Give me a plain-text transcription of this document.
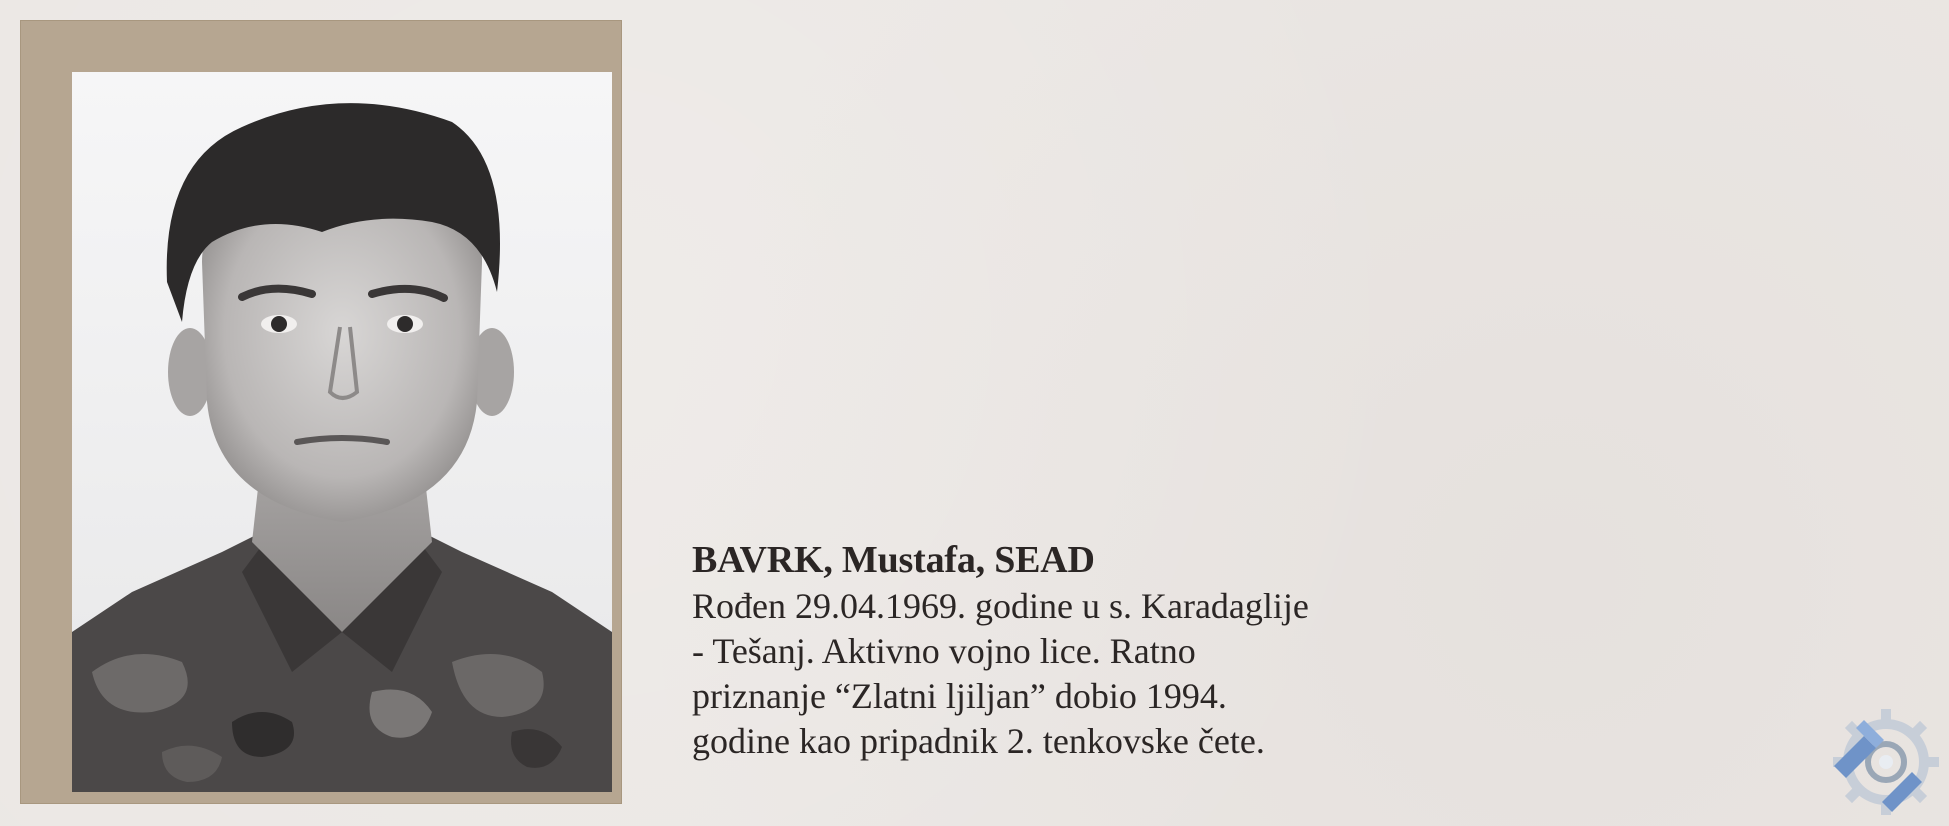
BAVRK, Mustafa, SEAD
Rođen 29.04.1969. godine u s. Karadaglije
- Tešanj. Aktivno vojno lice. Ratno
priznanje “Zlatni ljiljan” dobio 1994.
godine kao pripadnik 2. tenkovske čete.
